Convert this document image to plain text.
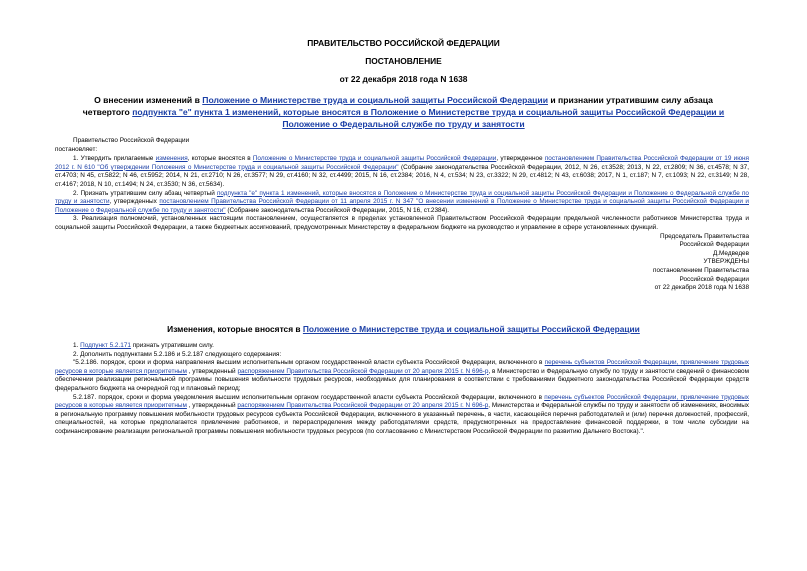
ПРАВИТЕЛЬСТВО РОССИЙСКОЙ ФЕДЕРАЦИИ
ПОСТАНОВЛЕНИЕ
от 22 декабря 2018 года N 1638
О внесении изменений в Положение о Министерстве труда и социальной защиты Российской Федерации и признании утратившим силу абзаца четвертого подпункта "е" пункта 1 изменений, которые вносятся в Положение о Министерстве труда и социальной защиты Российской Федерации и Положение о Федеральной службе по труду и занятости
Правительство Российской Федерации
постановляет:

1. Утвердить прилагаемые изменения, которые вносятся в Положение о Министерстве труда и социальной защиты Российской Федерации, утвержденное постановлением Правительства Российской Федерации от 19 июня 2012 г. N 610 "Об утверждении Положения о Министерстве труда и социальной защиты Российской Федерации" (Собрание законодательства Российской Федерации, 2012, N 26, ст.3528; 2013, N 22, ст.2809; N 36, ст.4578; N 37, ст.4703; N 45, ст.5822; N 46, ст.5952; 2014, N 21, ст.2710; N 26, ст.3577; N 29, ст.4160; N 32, ст.4499; 2015, N 16, ст.2384; 2016, N 4, ст.534; N 23, ст.3322; N 29, ст.4812; N 43, ст.6038; 2017, N 1, ст.187; N 7, ст.1093; N 22, ст.3149; N 28, ст.4167; 2018, N 10, ст.1494; N 24, ст.3530; N 36, ст.5634).

2. Признать утратившим силу абзац четвертый подпункта "е" пункта 1 изменений, которые вносятся в Положение о Министерстве труда и социальной защиты Российской Федерации и Положение о Федеральной службе по труду и занятости, утвержденных постановлением Правительства Российской Федерации от 11 апреля 2015 г. N 347 "О внесении изменений в Положение о Министерстве труда и социальной защиты Российской Федерации и Положение о Федеральной службе по труду и занятости" (Собрание законодательства Российской Федерации, 2015, N 16, ст.2384).

3. Реализация полномочий, установленных настоящим постановлением, осуществляется в пределах установленной Правительством Российской Федерации предельной численности работников Министерства труда и социальной защиты Российской Федерации, а также бюджетных ассигнований, предусмотренных Министерству в федеральном бюджете на руководство и управление в сфере установленных функций.

Председатель Правительства
Российской Федерации
Д.Медведев
УТВЕРЖДЕНЫ
постановлением Правительства
Российской Федерации
от 22 декабря 2018 года N 1638
Изменения, которые вносятся в Положение о Министерстве труда и социальной защиты Российской Федерации

1. Подпункт 5.2.171 признать утратившим силу.

2. Дополнить подпунктами 5.2.186 и 5.2.187 следующего содержания:

"5.2.186. порядок, сроки и форма направления высшим исполнительным органом государственной власти субъекта Российской Федерации, включенного в перечень субъектов Российской Федерации, привлечение трудовых ресурсов в которые является приоритетным , утвержденный распоряжением Правительства Российской Федерации от 20 апреля 2015 г. N 696-р, в Министерство и Федеральную службу по труду и занятости сведений о финансовом обеспечении реализации региональной программы повышения мобильности трудовых ресурсов, необходимых для планирования в соответствии с требованиями бюджетного законодательства Российской Федерации средств федерального бюджета на очередной год и плановый период;

5.2.187. порядок, сроки и форма уведомления высшим исполнительным органом государственной власти субъекта Российской Федерации, включенного в перечень субъектов Российской Федерации, привлечение трудовых ресурсов в которые является приоритетным , утвержденный распоряжением Правительства Российской Федерации от 20 апреля 2015 г. N 696-р, Министерства и Федеральной службы по труду и занятости об изменениях, вносимых в региональную программу повышения мобильности трудовых ресурсов субъекта Российской Федерации, включенного в указанный перечень, в части, касающейся перечня работодателей и (или) перечня должностей, профессий, специальностей, на которые предполагается привлечение работников, и перераспределения между работодателями средств, предусмотренных на предоставление финансовой поддержки, в том числе субсидии на софинансирование реализации региональной программы повышения мобильности трудовых ресурсов (по согласованию с Министерством Российской Федерации по развитию Дальнего Востока).".
